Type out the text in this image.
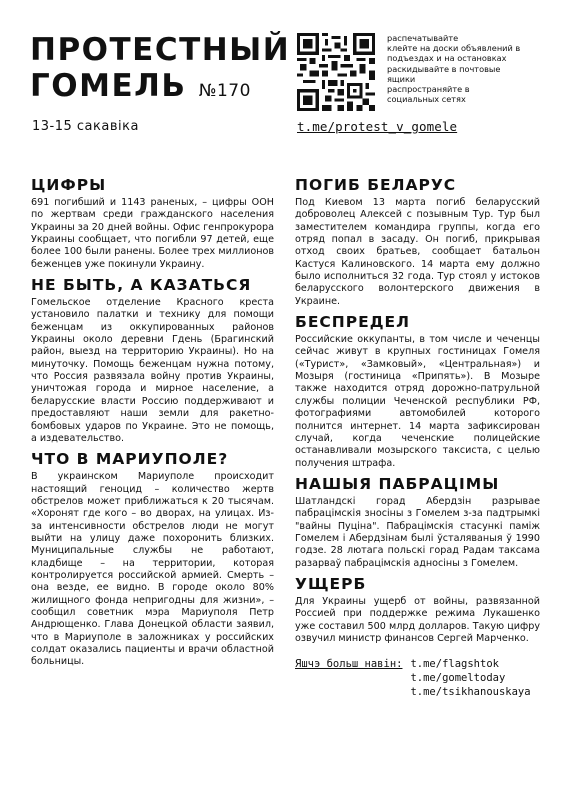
ПРОТЕСТНЫЙ
ГОМЕЛЬ №170
13-15 сакавіка
распечатывайте
клейте на доски объявлений в
подъездах и на остановках
раскидывайте в почтовые
ящики
распространяйте в
социальных сетях
t.me/protest_v_gomele
ЦИФРЫ

691 погибший и 1143 раненых, – цифры ООН по жертвам среди гражданского населения Украины за 20 дней войны. Офис генпрокурора Украины сообщает, что погибли 97 детей, еще более 100 были ранены. Более трех миллионов беженцев уже покинули Украину.

НЕ БЫТЬ, А КАЗАТЬСЯ

Гомельское отделение Красного креста установило палатки и технику для помощи беженцам из оккупированных районов Украины около деревни Гдень (Брагинский район, выезд на территорию Украины). Но на минуточку. Помощь беженцам нужна потому, что Россия развязала войну против Украины, уничтожая города и мирное население, а беларусские власти Россию поддерживают и предоставляют наши земли для ракетно-бомбовых ударов по Украине. Это не помощь, а издевательство.

ЧТО В МАРИУПОЛЕ?

В украинском Мариуполе происходит настоящий геноцид – количество жертв обстрелов может приближаться к 20 тысячам. «Хоронят где кого – во дворах, на улицах. Из-за интенсивности обстрелов люди не могут выйти на улицу даже похоронить близких. Муниципальные службы не работают, кладбище – на территории, которая контролируется российской армией. Смерть – она везде, ее видно. В городе около 80% жилищного фонда непригодны для жизни», – сообщил советник мэра Мариуполя Петр Андрющенко. Глава Донецкой области заявил, что в Мариуполе в заложниках у российских солдат оказались пациенты и врачи областной больницы.

ПОГИБ БЕЛАРУС

Под Киевом 13 марта погиб беларусский доброволец Алексей с позывным Тур. Тур был заместителем командира группы, когда его отряд попал в засаду. Он погиб, прикрывая отход своих братьев, сообщает батальон Кастуся Калиновского. 14 марта ему должно было исполниться 32 года. Тур стоял у истоков беларусского волонтерского движения в Украине.

БЕСПРЕДЕЛ

Российские оккупанты, в том числе и чеченцы сейчас живут в крупных гостиницах Гомеля («Турист», «Замковый», «Центральная») и Мозыря (гостиница «Припять»). В Мозыре также находится отряд дорожно-патрульной службы полиции Чеченской республики РФ, фотографиями автомобилей которого полнится интернет. 14 марта зафиксирован случай, когда чеченские полицейские останавливали мозырского таксиста, с целью получения штрафа.

НАШЫЯ ПАБРАЦІМЫ

Шатландскі горад Абердзін разрывае пабрацімскія зносіны з Гомелем з-за падтрымкі "вайны Пуціна". Пабрацімскія стасункі паміж Гомелем і Абердзінам былі ўсталяваныя ў 1990 годзе. 28 лютага польскі горад Радам таксама разарваў пабрацімскія адносіны з Гомелем.

УЩЕРБ

Для Украины ущерб от войны, развязанной Россией при поддержке режима Лукашенко уже составил 500 млрд долларов. Такую цифру озвучил министр финансов Сергей Марченко.

Яшчэ больш навін: t.me/flagshtok
t.me/gomeltoday
t.me/tsikhanouskaya
